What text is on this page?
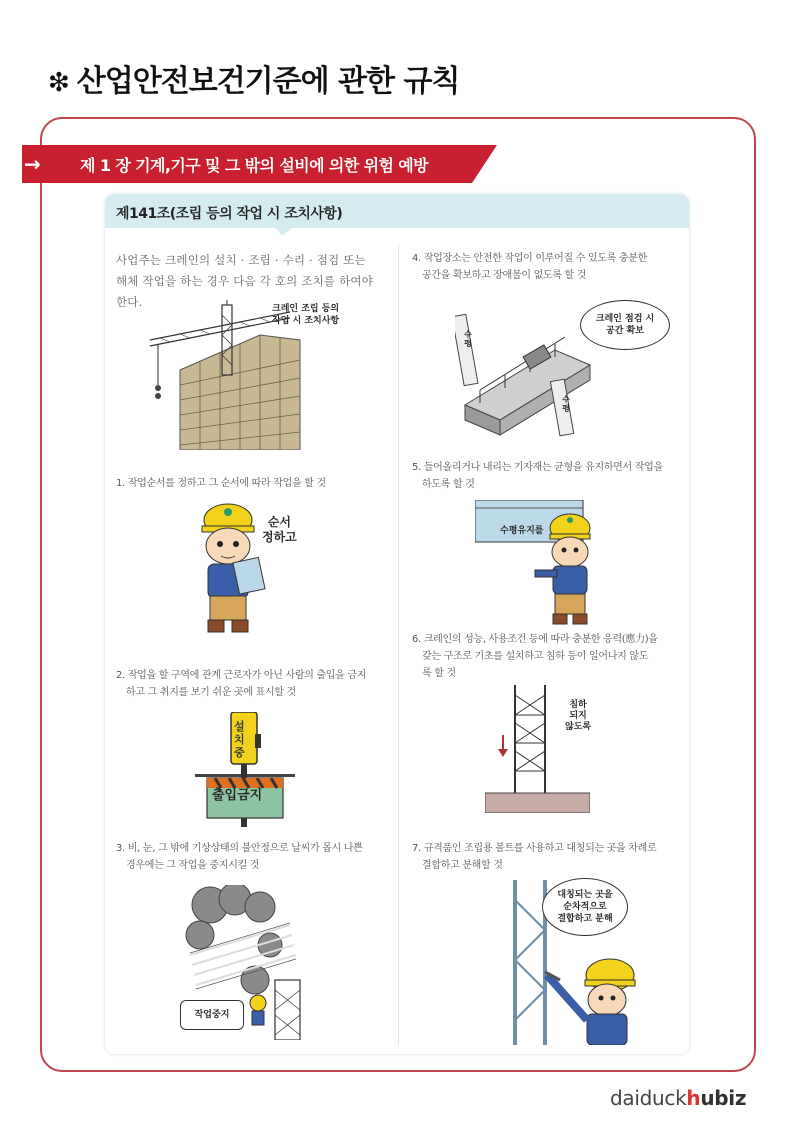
❇ 산업안전보건기준에 관한 규칙
→ 제 1 장 기계,기구 및 그 밖의 설비에 의한 위험 예방
제141조(조립 등의 작업 시 조치사항)
사업주는 크레인의 설치 · 조립 · 수리 · 점검 또는
해체 작업을 하는 경우 다음 각 호의 조치를 하여야
한다.	크레인 조립 등의
작업 시 조치사항
1. 작업순서를 정하고 그 순서에 따라 작업을 할 것
순서
정하고
2. 작업을 할 구역에 관계 근로자가 아닌 사람의 출입을 금지
하고 그 취지를 보기 쉬운 곳에 표시할 것
설
치
중
출입금지
3. 비, 눈, 그 밖에 기상상태의 불안정으로 날씨가 몹시 나쁜
경우에는 그 작업을 중지시킬 것
작업중지
4. 작업장소는 안전한 작업이 이루어질 수 있도록 충분한
공간을 확보하고 장애물이 없도록 할 것
수평
수평
크레인 점검 시
공간 확보
5. 들어올리거나 내리는 기자재는 균형을 유지하면서 작업을
하도록 할 것
수평유지를
6. 크레인의 성능, 사용조건 등에 따라 충분한 응력(應力)을
갖는 구조로 기초를 설치하고 침하 등이 일어나지 않도
록 할 것
침하
되지
않도록
7. 규격품인 조립용 볼트를 사용하고 대칭되는 곳을 차례로
결합하고 분해할 것
대칭되는 곳을
순차적으로
결합하고 분해
daiduckhubiz
